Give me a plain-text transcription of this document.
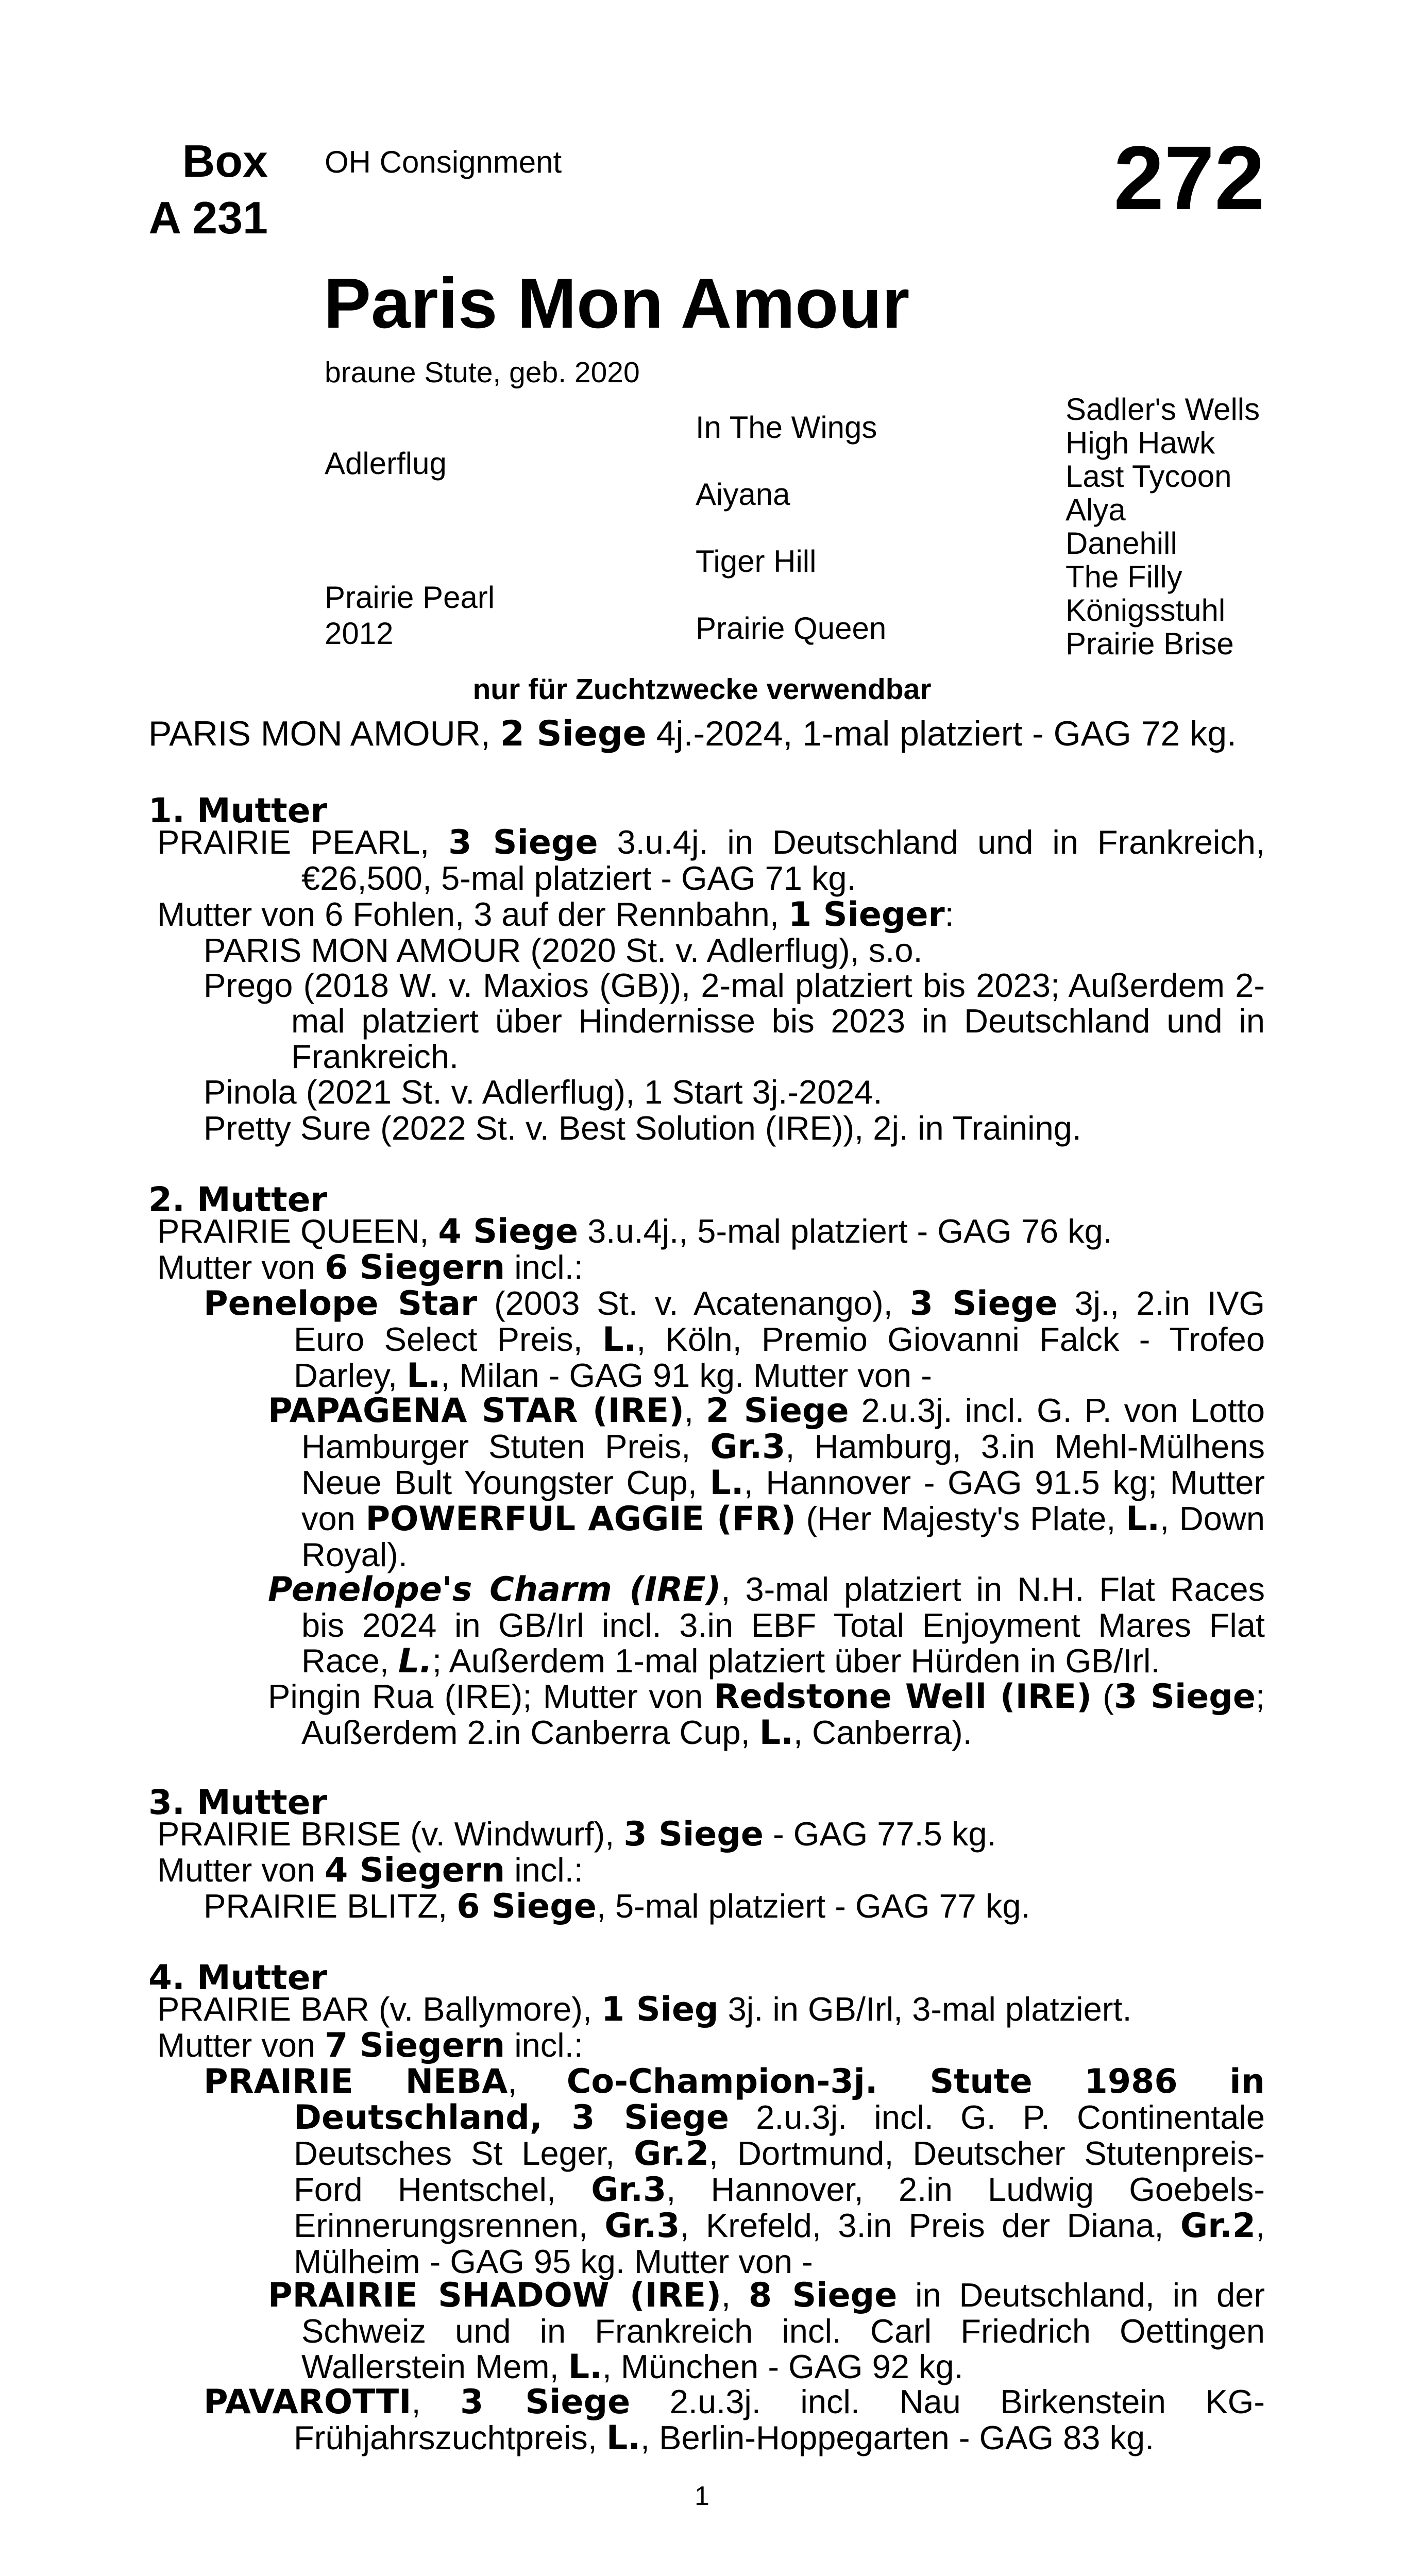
Box
A 231
OH Consignment	272
Paris Mon Amour
braune Stute, geb. 2020
Adlerflug
Prairie Pearl
2012
In The Wings
Aiyana
Tiger Hill
Prairie Queen
Sadler's Wells
High Hawk
Last Tycoon
Alya
Danehill
The Filly
Königsstuhl
Prairie Brise
nur für Zuchtzwecke verwendbar
PARIS MON AMOUR, 2 Siege 4j.-2024, 1-mal platziert - GAG 72 kg.
1. Mutter
PRAIRIE PEARL, 3 Siege 3.u.4j. in Deutschland und in Frankreich, €26,500, 5-mal platziert - GAG 71 kg.
Mutter von 6 Fohlen, 3 auf der Rennbahn, 1 Sieger:
PARIS MON AMOUR (2020 St. v. Adlerflug), s.o.
Prego (2018 W. v. Maxios (GB)), 2-mal platziert bis 2023; Außerdem 2-mal platziert über Hindernisse bis 2023 in Deutschland und in Frankreich.
Pinola (2021 St. v. Adlerflug), 1 Start 3j.-2024.
Pretty Sure (2022 St. v. Best Solution (IRE)), 2j. in Training.
2. Mutter
PRAIRIE QUEEN, 4 Siege 3.u.4j., 5-mal platziert - GAG 76 kg.
Mutter von 6 Siegern incl.:
Penelope Star (2003 St. v. Acatenango), 3 Siege 3j., 2.in IVG Euro Select Preis, L., Köln, Premio Giovanni Falck - Trofeo Darley, L., Milan - GAG 91 kg. Mutter von -
PAPAGENA STAR (IRE), 2 Siege 2.u.3j. incl. G. P. von Lotto Hamburger Stuten Preis, Gr.3, Hamburg, 3.in Mehl-Mülhens Neue Bult Youngster Cup, L., Hannover - GAG 91.5 kg; Mutter von POWERFUL AGGIE (FR) (Her Majesty's Plate, L., Down Royal).
Penelope's Charm (IRE), 3-mal platziert in N.H. Flat Races bis 2024 in GB/Irl incl. 3.in EBF Total Enjoyment Mares Flat Race, L.; Außerdem 1-mal platziert über Hürden in GB/Irl.
Pingin Rua (IRE); Mutter von Redstone Well (IRE) (3 Siege; Außerdem 2.in Canberra Cup, L., Canberra).
3. Mutter
PRAIRIE BRISE (v. Windwurf), 3 Siege - GAG 77.5 kg.
Mutter von 4 Siegern incl.:
PRAIRIE BLITZ, 6 Siege, 5-mal platziert - GAG 77 kg.
4. Mutter
PRAIRIE BAR (v. Ballymore), 1 Sieg 3j. in GB/Irl, 3-mal platziert.
Mutter von 7 Siegern incl.:
PRAIRIE NEBA, Co-Champion-3j. Stute 1986 in Deutschland, 3 Siege 2.u.3j. incl. G. P. Continentale Deutsches St Leger, Gr.2, Dortmund, Deutscher Stutenpreis-Ford Hentschel, Gr.3, Hannover, 2.in Ludwig Goebels-Erinnerungsrennen, Gr.3, Krefeld, 3.in Preis der Diana, Gr.2, Mülheim - GAG 95 kg. Mutter von -
PRAIRIE SHADOW (IRE), 8 Siege in Deutschland, in der Schweiz und in Frankreich incl. Carl Friedrich Oettingen Wallerstein Mem, L., München - GAG 92 kg.
PAVAROTTI, 3 Siege 2.u.3j. incl. Nau Birkenstein KG-Frühjahrszuchtpreis, L., Berlin-Hoppegarten - GAG 83 kg.
1
